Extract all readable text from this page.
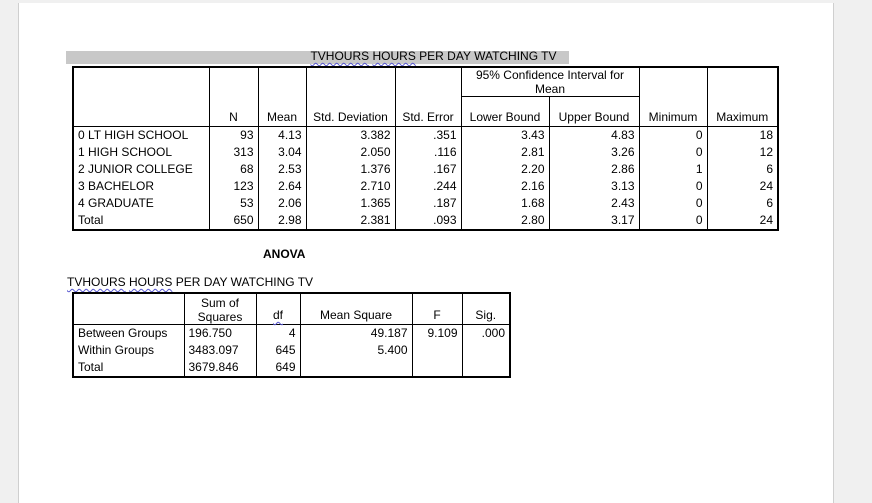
TVHOURS HOURS PER DAY WATCHING TV
	N	Mean	Std. Deviation	Std. Error	95% Confidence Interval for Mean		Minimum	Maximum
					Lower Bound	Upper Bound		
0 LT HIGH SCHOOL	93	4.13	3.382	.351	3.43	4.83	0	18
1 HIGH SCHOOL	313	3.04	2.050	.116	2.81	3.26	0	12
2 JUNIOR COLLEGE	68	2.53	1.376	.167	2.20	2.86	1	6
3 BACHELOR	123	2.64	2.710	.244	2.16	3.13	0	24
4 GRADUATE	53	2.06	1.365	.187	1.68	2.43	0	6
Total	650	2.98	2.381	.093	2.80	3.17	0	24
ANOVA
TVHOURS HOURS PER DAY WATCHING TV
	Sum of Squares	df	Mean Square	F	Sig.
Between Groups	196.750	4	49.187	9.109	.000
Within Groups	3483.097	645	5.400		
Total	3679.846	649			
